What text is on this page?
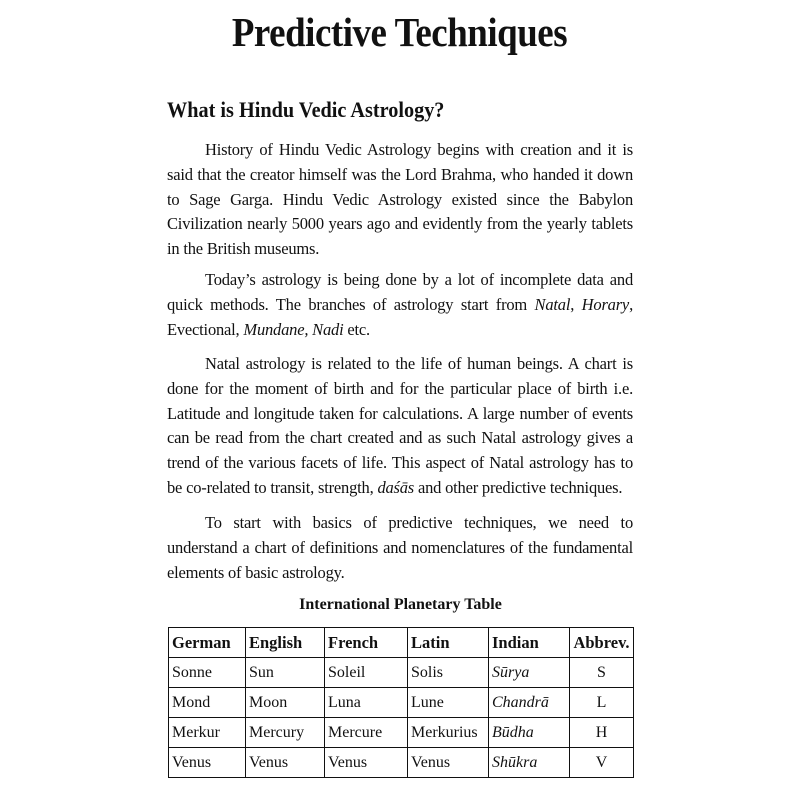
Predictive Techniques
What is Hindu Vedic Astrology?

History of Hindu Vedic Astrology begins with creation and it is said that the creator himself was the Lord Brahma, who handed it down to Sage Garga. Hindu Vedic Astrology existed since the Babylon Civilization nearly 5000 years ago and evidently from the yearly tablets in the British museums.

Today’s astrology is being done by a lot of incomplete data and quick methods. The branches of astrology start from Natal, Horary, Evectional, Mundane, Nadi etc.

Natal astrology is related to the life of human beings. A chart is done for the moment of birth and for the particular place of birth i.e. Latitude and longitude taken for calculations. A large number of events can be read from the chart created and as such Natal astrology gives a trend of the various facets of life. This aspect of Natal astrology has to be co-related to transit, strength, daśās and other predictive techniques.

To start with basics of predictive techniques, we need to understand a chart of definitions and nomenclatures of the fundamental elements of basic astrology.

International Planetary Table
German	English	French	Latin	Indian	Abbrev.
Sonne	Sun	Soleil	Solis	Sūrya	S
Mond	Moon	Luna	Lune	Chandrā	L
Merkur	Mercury	Mercure	Merkurius	Būdha	H
Venus	Venus	Venus	Venus	Shūkra	V
